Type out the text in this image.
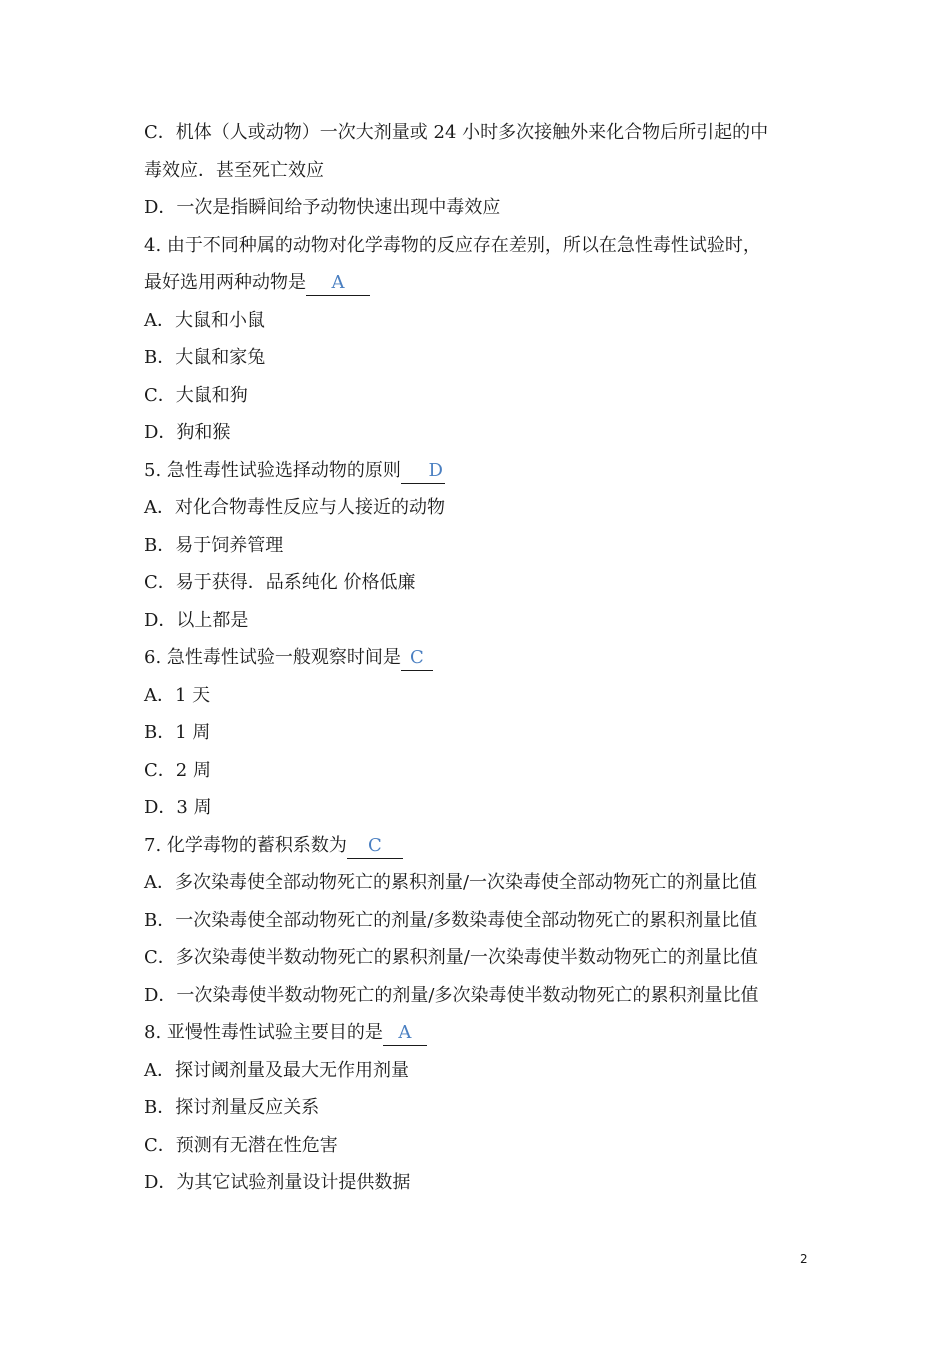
C．机体（人或动物）一次大剂量或 24 小时多次接触外来化合物后所引起的中
毒效应．甚至死亡效应
D．一次是指瞬间给予动物快速出现中毒效应
4. 由于不同种属的动物对化学毒物的反应存在差别，所以在急性毒性试验时，
最好选用两种动物是 A
A．大鼠和小鼠
B．大鼠和家兔
C．大鼠和狗
D．狗和猴
5. 急性毒性试验选择动物的原则 D
A．对化合物毒性反应与人接近的动物
B．易于饲养管理
C．易于获得．品系纯化 价格低廉
D．以上都是
6. 急性毒性试验一般观察时间是 C
A．1 天
B．1 周
C．2 周
D．3 周
7. 化学毒物的蓄积系数为 C
A．多次染毒使全部动物死亡的累积剂量/一次染毒使全部动物死亡的剂量比值
B．一次染毒使全部动物死亡的剂量/多数染毒使全部动物死亡的累积剂量比值
C．多次染毒使半数动物死亡的累积剂量/一次染毒使半数动物死亡的剂量比值
D．一次染毒使半数动物死亡的剂量/多次染毒使半数动物死亡的累积剂量比值
8. 亚慢性毒性试验主要目的是 A
A．探讨阈剂量及最大无作用剂量
B．探讨剂量反应关系
C．预测有无潜在性危害
D．为其它试验剂量设计提供数据
2
